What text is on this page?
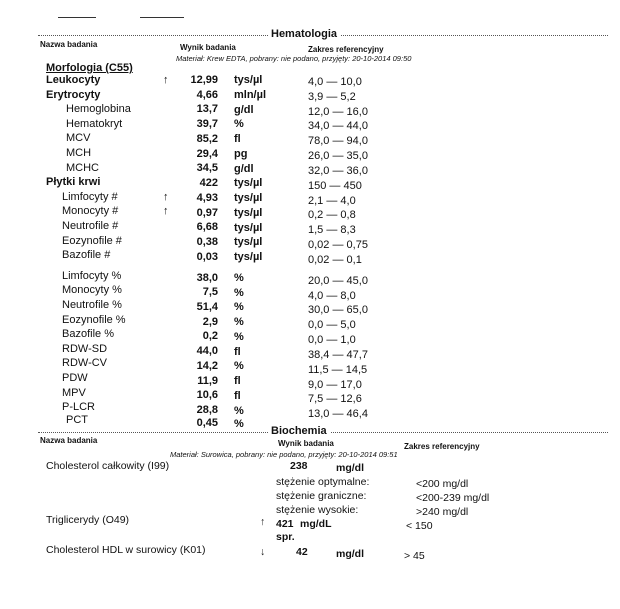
Hematologia
Nazwa badania	Wynik badania	Zakres referencyjny
Materiał: Krew EDTA, pobrany: nie podano, przyjęty: 20-10-2014 09:50
Morfologia (C55)
Leukocyty	↑	12,99 tys/µl	4,0 — 10,0
Erytrocyty	4,66 mln/µl	3,9 — 5,2
Hemoglobina	13,7 g/dl	12,0 — 16,0
Hematokryt	39,7 %	34,0 — 44,0
MCV	85,2 fl	78,0 — 94,0
MCH	29,4 pg	26,0 — 35,0
MCHC	34,5 g/dl	32,0 — 36,0
Płytki krwi	422 tys/µl	150 — 450
Limfocyty #	↑	4,93 tys/µl	2,1 — 4,0
Monocyty #	↑	0,97 tys/µl	0,2 — 0,8
Neutrofile #	6,68 tys/µl	1,5 — 8,3
Eozynofile #	0,38 tys/µl	0,02 — 0,75
Bazofile #	0,03 tys/µl	0,02 — 0,1
Limfocyty %	38,0 %	20,0 — 45,0
Monocyty %	7,5 %	4,0 — 8,0
Neutrofile %	51,4 %	30,0 — 65,0
Eozynofile %	2,9 %	0,0 — 5,0
Bazofile %	0,2 %	0,0 — 1,0
RDW-SD	44,0 fl	38,4 — 47,7
RDW-CV	14,2 %	11,5 — 14,5
PDW	11,9 fl	9,0 — 17,0
MPV	10,6 fl	7,5 — 12,6
P-LCR	28,8 %	13,0 — 46,4
PCT	0,45 %
Biochemia
Nazwa badania	Wynik badania	Zakres referencyjny
Materiał: Surowica, pobrany: nie podano, przyjęty: 20-10-2014 09:51
Cholesterol całkowity (I99)	238	mg/dl
stężenie optymalne:	<200 mg/dl
stężenie graniczne:	<200-239 mg/dl
stężenie wysokie:	>240 mg/dl
Triglicerydy (O49)	↑ 421 mg/dL	< 150
spr.
Cholesterol HDL w surowicy (K01)	↓	42	mg/dl	> 45
